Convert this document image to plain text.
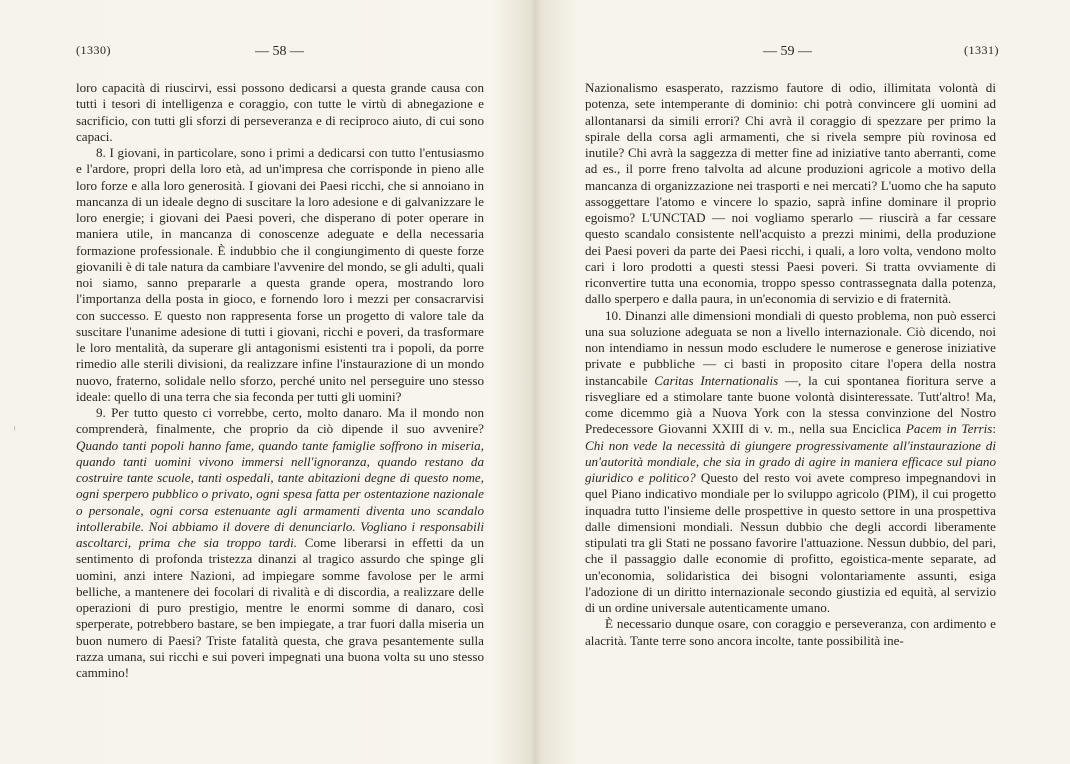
(1330)	— 58 —

loro capacità di riuscirvi, essi possono dedicarsi a questa grande causa con tutti i tesori di intelligenza e coraggio, con tutte le virtù di abnegazione e sacrificio, con tutti gli sforzi di perseveranza e di reciproco aiuto, di cui sono capaci.

8. I giovani, in particolare, sono i primi a dedicarsi con tutto l'entusiasmo e l'ardore, propri della loro età, ad un'impresa che corrisponde in pieno alle loro forze e alla loro generosità. I giovani dei Paesi ricchi, che si annoiano in mancanza di un ideale degno di suscitare la loro adesione e di galvanizzare le loro energie; i giovani dei Paesi poveri, che disperano di poter operare in maniera utile, in mancanza di conoscenze adeguate e della necessaria formazione professionale. È indubbio che il congiungimento di queste forze giovanili è di tale natura da cambiare l'avvenire del mondo, se gli adulti, quali noi siamo, sanno prepararle a questa grande opera, mostrando loro l'importanza della posta in gioco, e fornendo loro i mezzi per consacrarvisi con successo. E questo non rappresenta forse un progetto di valore tale da suscitare l'unanime adesione di tutti i giovani, ricchi e poveri, da trasformare le loro mentalità, da superare gli antagonismi esistenti tra i popoli, da porre rimedio alle sterili divisioni, da realizzare infine l'instaurazione di un mondo nuovo, fraterno, solidale nello sforzo, perché unito nel perseguire uno stesso ideale: quello di una terra che sia feconda per tutti gli uomini?

9. Per tutto questo ci vorrebbe, certo, molto danaro. Ma il mondo non comprenderà, finalmente, che proprio da ciò dipende il suo avvenire? Quando tanti popoli hanno fame, quando tante famiglie soffrono in miseria, quando tanti uomini vivono immersi nell'ignoranza, quando restano da costruire tante scuole, tanti ospedali, tante abitazioni degne di questo nome, ogni sperpero pubblico o privato, ogni spesa fatta per ostentazione nazionale o personale, ogni corsa estenuante agli armamenti diventa uno scandalo intollerabile. Noi abbiamo il dovere di denunciarlo. Vogliano i responsabili ascoltarci, prima che sia troppo tardi. Come liberarsi in effetti da un sentimento di profonda tristezza dinanzi al tragico assurdo che spinge gli uomini, anzi intere Nazioni, ad impiegare somme favolose per le armi belliche, a mantenere dei focolari di rivalità e di discordia, a realizzare delle operazioni di puro prestigio, mentre le enormi somme di danaro, così sperperate, potrebbero bastare, se ben impiegate, a trar fuori dalla miseria un buon numero di Paesi? Triste fatalità questa, che grava pesantemente sulla razza umana, sui ricchi e sui poveri impegnati una buona volta su uno stesso cammino!

ᵎ
— 59 —	(1331)

Nazionalismo esasperato, razzismo fautore di odio, illimitata volontà di potenza, sete intemperante di dominio: chi potrà convincere gli uomini ad allontanarsi da simili errori? Chi avrà il coraggio di spezzare per primo la spirale della corsa agli armamenti, che si rivela sempre più rovinosa ed inutile? Chi avrà la saggezza di metter fine ad iniziative tanto aberranti, come ad es., il porre freno talvolta ad alcune produzioni agricole a motivo della mancanza di organizzazione nei trasporti e nei mercati? L'uomo che ha saputo assoggettare l'atomo e vincere lo spazio, saprà infine dominare il proprio egoismo? L'UNCTAD — noi vogliamo sperarlo — riuscirà a far cessare questo scandalo consistente nell'acquisto a prezzi minimi, della produzione dei Paesi poveri da parte dei Paesi ricchi, i quali, a loro volta, vendono molto cari i loro prodotti a questi stessi Paesi poveri. Si tratta ovviamente di riconvertire tutta una economia, troppo spesso contrassegnata dalla potenza, dallo sperpero e dalla paura, in un'economia di servizio e di fraternità.

10. Dinanzi alle dimensioni mondiali di questo problema, non può esserci una sua soluzione adeguata se non a livello internazionale. Ciò dicendo, noi non intendiamo in nessun modo escludere le numerose e generose iniziative private e pubbliche — ci basti in proposito citare l'opera della nostra instancabile Caritas Internationalis —, la cui spontanea fioritura serve a risvegliare ed a stimolare tante buone volontà disinteressate. Tutt'altro! Ma, come dicemmo già a Nuova York con la stessa convinzione del Nostro Predecessore Giovanni XXIII di v. m., nella sua Enciclica Pacem in Terris: Chi non vede la necessità di giungere progressivamente all'instaurazione di un'autorità mondiale, che sia in grado di agire in maniera efficace sul piano giuridico e politico? Questo del resto voi avete compreso impegnandovi in quel Piano indicativo mondiale per lo sviluppo agricolo (PIM), il cui progetto inquadra tutto l'insieme delle prospettive in questo settore in una prospettiva dalle dimensioni mondiali. Nessun dubbio che degli accordi liberamente stipulati tra gli Stati ne possano favorire l'attuazione. Nessun dubbio, del pari, che il passaggio dalle economie di profitto, egoistica-mente separate, ad un'economia, solidaristica dei bisogni volontariamente assunti, esiga l'adozione di un diritto internazionale secondo giustizia ed equità, al servizio di un ordine universale autenticamente umano.

È necessario dunque osare, con coraggio e perseveranza, con ardimento e alacrità. Tante terre sono ancora incolte, tante possibilità ine-
